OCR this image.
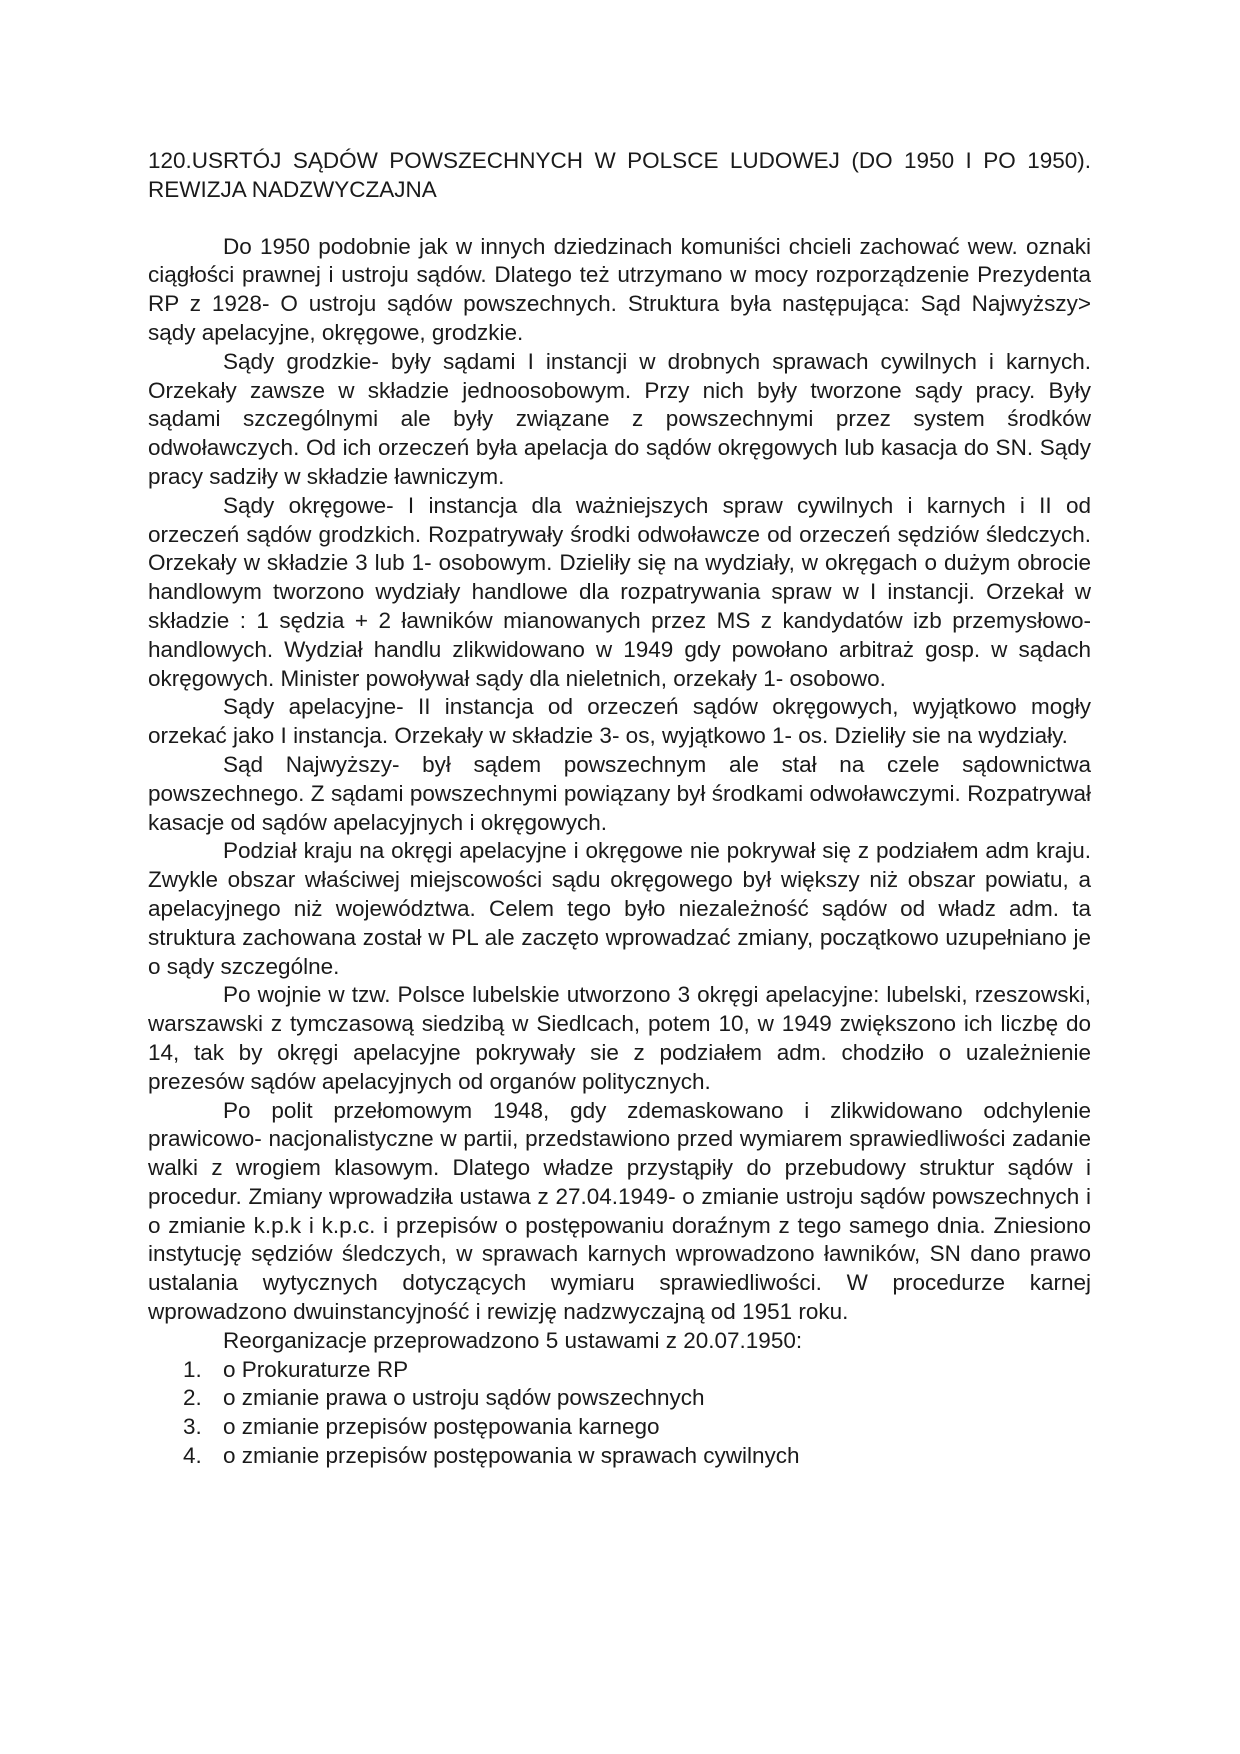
120.USRTÓJ SĄDÓW POWSZECHNYCH W POLSCE LUDOWEJ (DO 1950 I PO 1950). REWIZJA NADZWYCZAJNA

Do 1950 podobnie jak w innych dziedzinach komuniści chcieli zachować wew. oznaki ciągłości prawnej i ustroju sądów. Dlatego też utrzymano w mocy rozporządzenie Prezydenta RP z 1928- O ustroju sądów powszechnych. Struktura była następująca: Sąd Najwyższy> sądy apelacyjne, okręgowe, grodzkie.

Sądy grodzkie- były sądami I instancji w drobnych sprawach cywilnych i karnych. Orzekały zawsze w składzie jednoosobowym. Przy nich były tworzone sądy pracy. Były sądami szczególnymi ale były związane z powszechnymi przez system środków odwoławczych. Od ich orzeczeń była apelacja do sądów okręgowych lub kasacja do SN. Sądy pracy sadziły w składzie ławniczym.

Sądy okręgowe- I instancja dla ważniejszych spraw cywilnych i karnych i II od orzeczeń sądów grodzkich. Rozpatrywały środki odwoławcze od orzeczeń sędziów śledczych. Orzekały w składzie 3 lub 1- osobowym. Dzieliły się na wydziały, w okręgach o dużym obrocie handlowym tworzono wydziały handlowe dla rozpatrywania spraw w I instancji. Orzekał w składzie : 1 sędzia + 2 ławników mianowanych przez MS z kandydatów izb przemysłowo- handlowych. Wydział handlu zlikwidowano w 1949 gdy powołano arbitraż gosp. w sądach okręgowych. Minister powoływał sądy dla nieletnich, orzekały 1- osobowo.

Sądy apelacyjne- II instancja od orzeczeń sądów okręgowych, wyjątkowo mogły orzekać jako I instancja. Orzekały w składzie 3- os, wyjątkowo 1- os. Dzieliły sie na wydziały.

Sąd Najwyższy- był sądem powszechnym ale stał na czele sądownictwa powszechnego. Z sądami powszechnymi powiązany był środkami odwoławczymi. Rozpatrywał kasacje od sądów apelacyjnych i okręgowych.

Podział kraju na okręgi apelacyjne i okręgowe nie pokrywał się z podziałem adm kraju. Zwykle obszar właściwej miejscowości sądu okręgowego był większy niż obszar powiatu, a apelacyjnego niż województwa. Celem tego było niezależność sądów od władz adm. ta struktura zachowana został w PL ale zaczęto wprowadzać zmiany, początkowo uzupełniano je o sądy szczególne.

Po wojnie w tzw. Polsce lubelskie utworzono 3 okręgi apelacyjne: lubelski, rzeszowski, warszawski z tymczasową siedzibą w Siedlcach, potem 10, w 1949 zwiększono ich liczbę do 14, tak by okręgi apelacyjne pokrywały sie z podziałem adm. chodziło o uzależnienie prezesów sądów apelacyjnych od organów politycznych.

Po polit przełomowym 1948, gdy zdemaskowano i zlikwidowano odchylenie prawicowo- nacjonalistyczne w partii, przedstawiono przed wymiarem sprawiedliwości zadanie walki z wrogiem klasowym. Dlatego władze przystąpiły do przebudowy struktur sądów i procedur. Zmiany wprowadziła ustawa z 27.04.1949- o zmianie ustroju sądów powszechnych i o zmianie k.p.k i k.p.c. i przepisów o postępowaniu doraźnym z tego samego dnia. Zniesiono instytucję sędziów śledczych, w sprawach karnych wprowadzono ławników, SN dano prawo ustalania wytycznych dotyczących wymiaru sprawiedliwości. W procedurze karnej wprowadzono dwuinstancyjność i rewizję nadzwyczajną od 1951 roku.

Reorganizacje przeprowadzono 5 ustawami z 20.07.1950:

1. o Prokuraturze RP
2. o zmianie prawa o ustroju sądów powszechnych
3. o zmianie przepisów postępowania karnego
4. o zmianie przepisów postępowania w sprawach cywilnych
